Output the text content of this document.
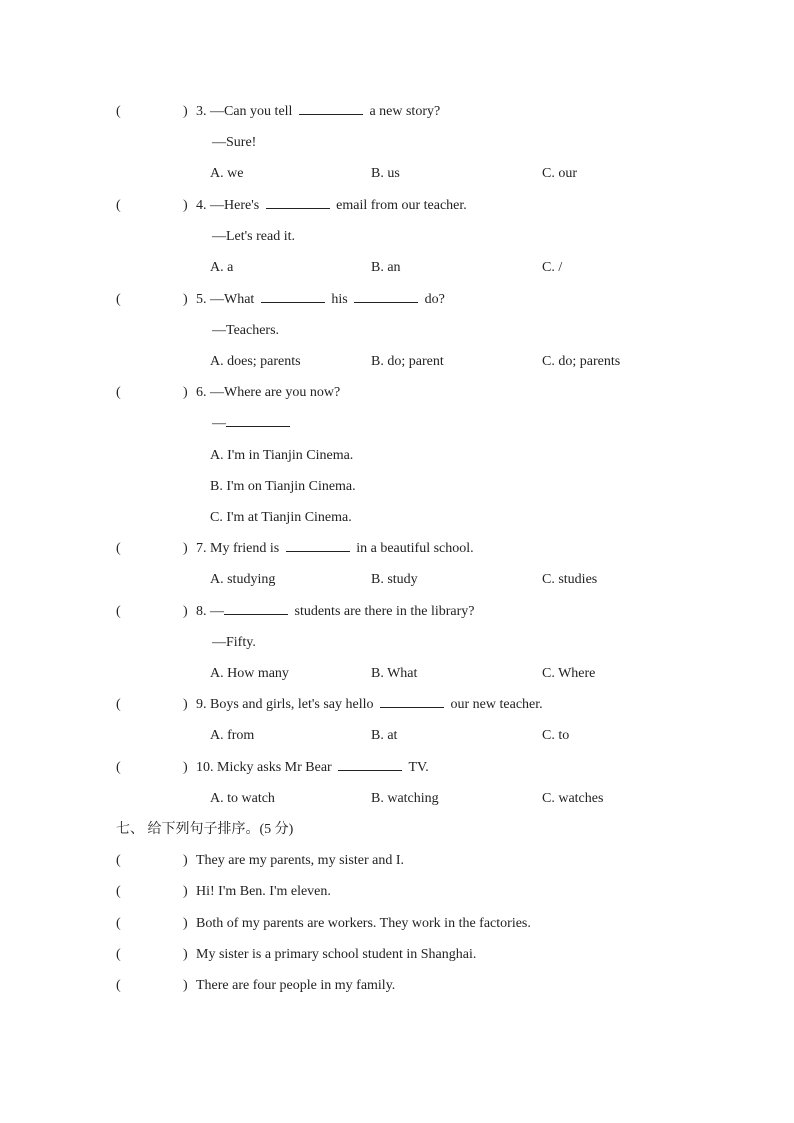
(	) 3. —Can you tell	a new story?
—Sure!
A. we	B. us	C. our
(	) 4. —Here's	email from our teacher.
—Let's read it.
A. a	B. an	C. /
(	) 5. —What	his	do?
—Teachers.
A. does; parents	B. do; parent	C. do; parents
(	) 6. —Where are you now?
—
A. I'm in Tianjin Cinema.
B. I'm on Tianjin Cinema.
C. I'm at Tianjin Cinema.
(	) 7. My friend is	in a beautiful school.
A. studying	B. study	C. studies
(	) 8. —	students are there in the library?
—Fifty.
A. How many	B. What	C. Where
(	) 9. Boys and girls, let's say hello	our new teacher.
A. from	B. at	C. to
(	) 10. Micky asks Mr Bear	TV.
A. to watch	B. watching	C. watches
七、 给下列句子排序。(5 分)
(	) They are my parents, my sister and I.
(	) Hi! I'm Ben. I'm eleven.
(	) Both of my parents are workers. They work in the factories.
(	) My sister is a primary school student in Shanghai.
(	) There are four people in my family.
